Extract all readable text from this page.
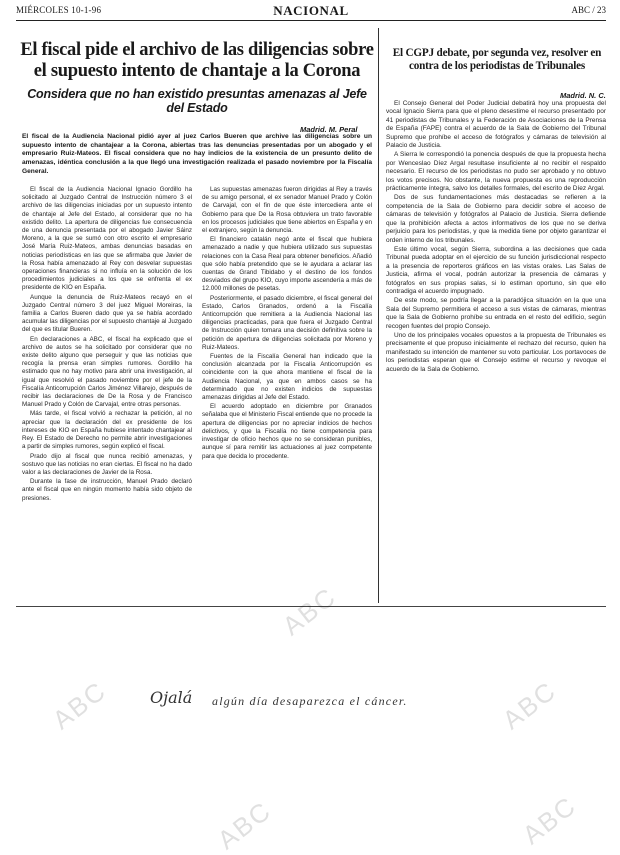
MIÉRCOLES 10-1-96	NACIONAL	ABC / 23
El fiscal pide el archivo de las diligencias sobre el supuesto intento de chantaje a la Corona
Considera que no han existido presuntas amenazas al Jefe del Estado
Madrid. M. Peral

El fiscal de la Audiencia Nacional pidió ayer al juez Carlos Bueren que archive las diligencias sobre un supuesto intento de chantajear a la Corona, abiertas tras las denuncias presentadas por un abogado y el empresario Ruiz-Mateos. El fiscal considera que no hay indicios de la existencia de un presunto delito de amenazas, idéntica conclusión a la que llegó una investigación realizada el pasado noviembre por la Fiscalía General.

El fiscal de la Audiencia Nacional Ignacio Gordillo ha solicitado al Juzgado Central de Instrucción número 3 el archivo de las diligencias iniciadas por un supuesto intento de chantaje al Jefe del Estado, al considerar que no ha existido delito. La apertura de diligencias fue consecuencia de una denuncia presentada por el abogado Javier Sáinz Moreno, a la que se sumó con otro escrito el empresario José María Ruiz-Mateos, ambas denuncias basadas en noticias periodísticas en las que se afirmaba que Javier de la Rosa había amenazado al Rey con desvelar supuestas operaciones financieras si no influía en la solución de los procedimientos judiciales a los que se enfrenta el ex presidente de KIO en España.

Aunque la denuncia de Ruiz-Mateos recayó en el Juzgado Central número 3 del juez Miguel Moreiras, la familia a Carlos Bueren dado que ya se había acordado acumular las diligencias por el supuesto chantaje al Juzgado del que es titular Bueren.

En declaraciones a ABC, el fiscal ha explicado que el archivo de autos se ha solicitado por considerar que no existe delito alguno que perseguir y que las noticias que recogía la prensa eran simples rumores. Gordillo ha estimado que no hay motivo para abrir una investigación, al igual que resolvió el pasado noviembre por el jefe de la Fiscalía Anticorrupción Carlos Jiménez Villarejo, después de recibir las declaraciones de De la Rosa y de Francisco Manuel Prado y Colón de Carvajal, entre otras personas.

Más tarde, el fiscal volvió a rechazar la petición, al no apreciar que la declaración del ex presidente de los intereses de KIO en España hubiese intentado chantajear al Rey. El Estado de Derecho no permite abrir investigaciones a partir de simples rumores, según explicó el fiscal.

Prado dijo al fiscal que nunca recibió amenazas, y sostuvo que las noticias no eran ciertas. El fiscal no ha dado valor a las declaraciones de Javier de la Rosa.

Durante la fase de instrucción, Manuel Prado declaró ante el fiscal que en ningún momento había sido objeto de presiones.

Las supuestas amenazas fueron dirigidas al Rey a través de su amigo personal, el ex senador Manuel Prado y Colón de Carvajal, con el fin de que éste intercediera ante el Gobierno para que De la Rosa obtuviera un trato favorable en los procesos judiciales que tiene abiertos en España y en el extranjero, según la denuncia.

El financiero catalán negó ante el fiscal que hubiera amenazado a nadie y que hubiera utilizado sus supuestas relaciones con la Casa Real para obtener beneficios. Añadió que sólo había pretendido que se le ayudara a aclarar las cuentas de Grand Tibidabo y el destino de los fondos desviados del grupo KIO, cuyo importe ascendería a más de 12.000 millones de pesetas.

Posteriormente, el pasado diciembre, el fiscal general del Estado, Carlos Granados, ordenó a la Fiscalía Anticorrupción que remitiera a la Audiencia Nacional las diligencias practicadas, para que fuera el Juzgado Central de Instrucción quien tomara una decisión definitiva sobre la petición de apertura de diligencias solicitada por Moreno y Ruiz-Mateos.

Fuentes de la Fiscalía General han indicado que la conclusión alcanzada por la Fiscalía Anticorrupción es coincidente con la que ahora mantiene el fiscal de la Audiencia Nacional, ya que en ambos casos se ha determinado que no existen indicios de supuestas amenazas dirigidas al Jefe del Estado.

El acuerdo adoptado en diciembre por Granados señalaba que el Ministerio Fiscal entiende que no procede la apertura de diligencias por no apreciar indicios de hechos delictivos, y que la Fiscalía no tiene competencia para investigar de oficio hechos que no se consideran punibles, aunque sí para remitir las actuaciones al juez competente para que decida lo procedente.

El CGPJ debate, por segunda vez, resolver en contra de los periodistas de Tribunales
Madrid. N. C.

El Consejo General del Poder Judicial debatirá hoy una propuesta del vocal Ignacio Sierra para que el pleno desestime el recurso presentado por 41 periodistas de Tribunales y la Federación de Asociaciones de la Prensa de España (FAPE) contra el acuerdo de la Sala de Gobierno del Tribunal Supremo que prohíbe el acceso de fotógrafos y cámaras de televisión al Palacio de Justicia.

A Sierra le correspondió la ponencia después de que la propuesta hecha por Wenceslao Díez Argal resultase insuficiente al no recibir el respaldo necesario. El recurso de los periodistas no pudo ser aprobado y no obtuvo los votos precisos. No obstante, la nueva propuesta es una reproducción prácticamente íntegra, salvo los detalles formales, del escrito de Díez Argal.

Dos de sus fundamentaciones más destacadas se refieren a la competencia de la Sala de Gobierno para decidir sobre el acceso de cámaras de televisión y fotógrafos al Palacio de Justicia. Sierra defiende que la prohibición afecta a actos informativos de los que no se deriva perjuicio para los periodistas, y que la medida tiene por objeto garantizar el orden interno de los tribunales.

Este último vocal, según Sierra, subordina a las decisiones que cada Tribunal pueda adoptar en el ejercicio de su función jurisdiccional respecto a la presencia de reporteros gráficos en las vistas orales. Las Salas de Justicia, afirma el vocal, podrán autorizar la presencia de cámaras y fotógrafos en sus propias salas, si lo estiman oportuno, sin que ello contradiga el acuerdo impugnado.

De este modo, se podría llegar a la paradójica situación en la que una Sala del Supremo permitiera el acceso a sus vistas de cámaras, mientras que la Sala de Gobierno prohíbe su entrada en el resto del edificio, según recogen fuentes del propio Consejo.

Uno de los principales vocales opuestos a la propuesta de Tribunales es precisamente el que propuso inicialmente el rechazo del recurso, quien ha manifestado su intención de mantener su voto particular. Los portavoces de los periodistas esperan que el Consejo estime el recurso y revoque el acuerdo de la Sala de Gobierno.

Ojalá algún día desaparezca el cáncer.
ABC
ABC
ABC
ABC	ABC
